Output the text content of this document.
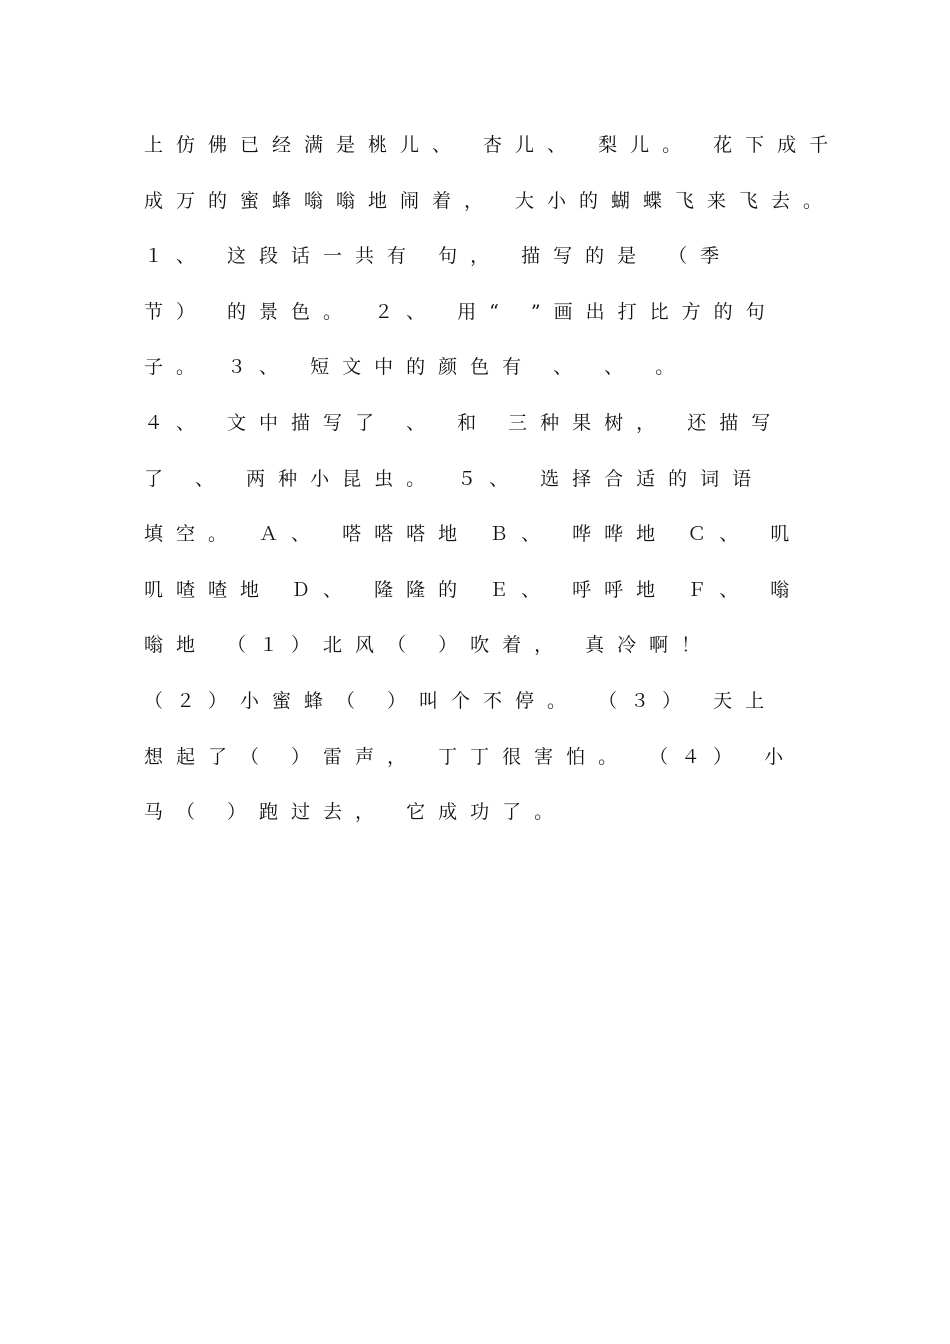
上仿佛已经满是桃儿、 杏儿、 梨儿。 花下成千
成万的蜜蜂嗡嗡地闹着， 大小的蝴蝶飞来飞去。
１、 这段话一共有 句， 描写的是 （季
节） 的景色。 ２、 用“ ”画出打比方的句
子。 ３、 短文中的颜色有 、 、 。
４、 文中描写了 、 和 三种果树， 还描写
了 、 两种小昆虫。 ５、 选择合适的词语
填空。 Ａ、 嗒嗒嗒地 Ｂ、 哗哗地 Ｃ、 叽
叽喳喳地 Ｄ、 隆隆的 Ｅ、 呼呼地 Ｆ、 嗡
嗡地 （１）北风（ ）吹着， 真冷啊！
（２）小蜜蜂（ ）叫个不停。 （３） 天上
想起了（ ）雷声， 丁丁很害怕。 （４） 小
马（ ）跑过去， 它成功了。
